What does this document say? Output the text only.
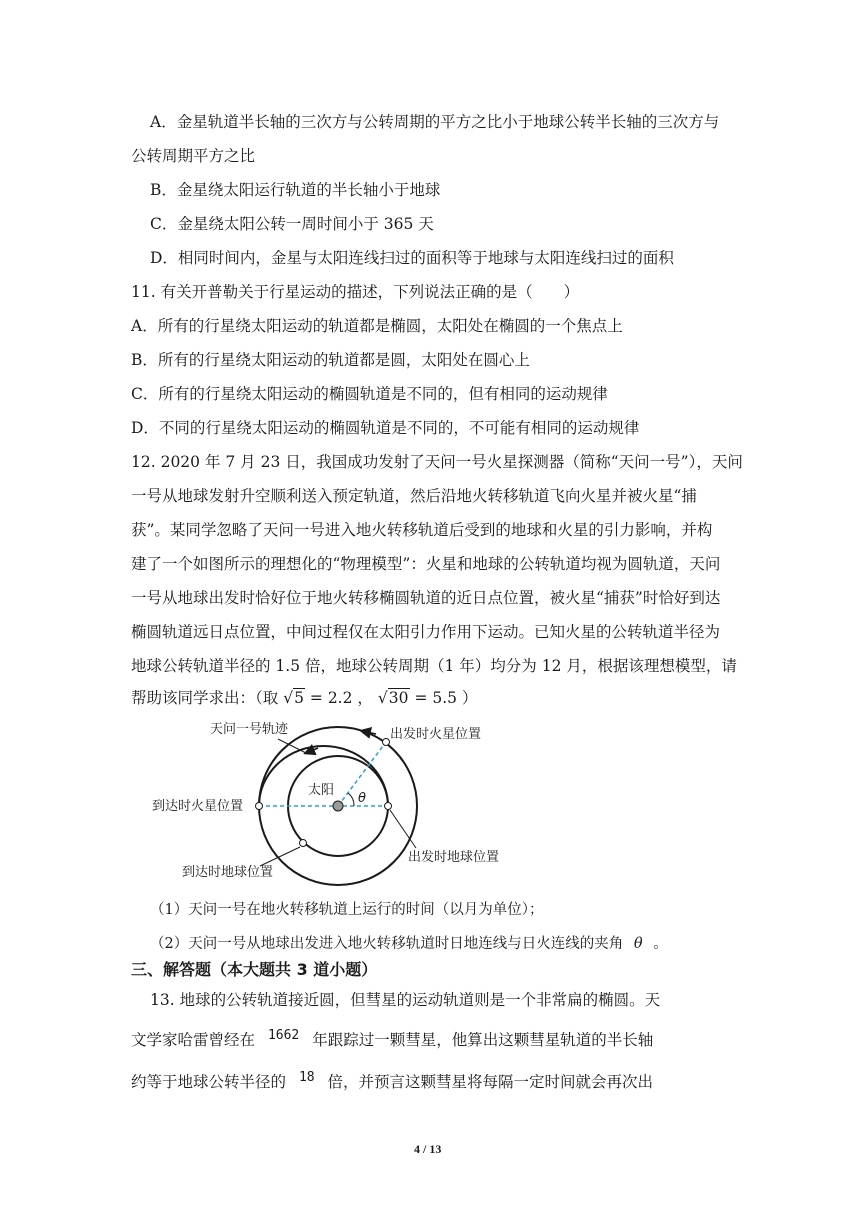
A．金星轨道半长轴的三次方与公转周期的平方之比小于地球公转半长轴的三次方与
公转周期平方之比
B．金星绕太阳运行轨道的半长轴小于地球
C．金星绕太阳公转一周时间小于 365 天
D．相同时间内，金星与太阳连线扫过的面积等于地球与太阳连线扫过的面积
11. 有关开普勒关于行星运动的描述，下列说法正确的是（　　）
A．所有的行星绕太阳运动的轨道都是椭圆，太阳处在椭圆的一个焦点上
B．所有的行星绕太阳运动的轨道都是圆，太阳处在圆心上
C．所有的行星绕太阳运动的椭圆轨道是不同的，但有相同的运动规律
D．不同的行星绕太阳运动的椭圆轨道是不同的，不可能有相同的运动规律
12. 2020 年 7 月 23 日，我国成功发射了天问一号火星探测器（简称“天问一号”），天问
一号从地球发射升空顺利送入预定轨道，然后沿地火转移轨道飞向火星并被火星“捕
获”。某同学忽略了天问一号进入地火转移轨道后受到的地球和火星的引力影响，并构
建了一个如图所示的理想化的“物理模型”：火星和地球的公转轨道均视为圆轨道，天问
一号从地球出发时恰好位于地火转移椭圆轨道的近日点位置，被火星“捕获”时恰好到达
椭圆轨道远日点位置，中间过程仅在太阳引力作用下运动。已知火星的公转轨道半径为
地球公转轨道半径的 1.5 倍，地球公转周期（1 年）均分为 12 月，根据该理想模型，请
帮助该同学求出：（取 √5 = 2.2 ， √30 = 5.5 ）
天问一号轨迹	出发时火星位置
太阳
θ
到达时火星位置
出发时地球位置
到达时地球位置
（1）天问一号在地火转移轨道上运行的时间（以月为单位）；
（2）天问一号从地球出发进入地火转移轨道时日地连线与日火连线的夹角 θ 。
三、解答题（本大题共 3 道小题）
13. 地球的公转轨道接近圆，但彗星的运动轨道则是一个非常扁的椭圆。天
文学家哈雷曾经在 $^{1662}$ 年跟踪过一颗彗星，他算出这颗彗星轨道的半长轴
约等于地球公转半径的 $^{18}$ 倍，并预言这颗彗星将每隔一定时间就会再次出
4 / 13
